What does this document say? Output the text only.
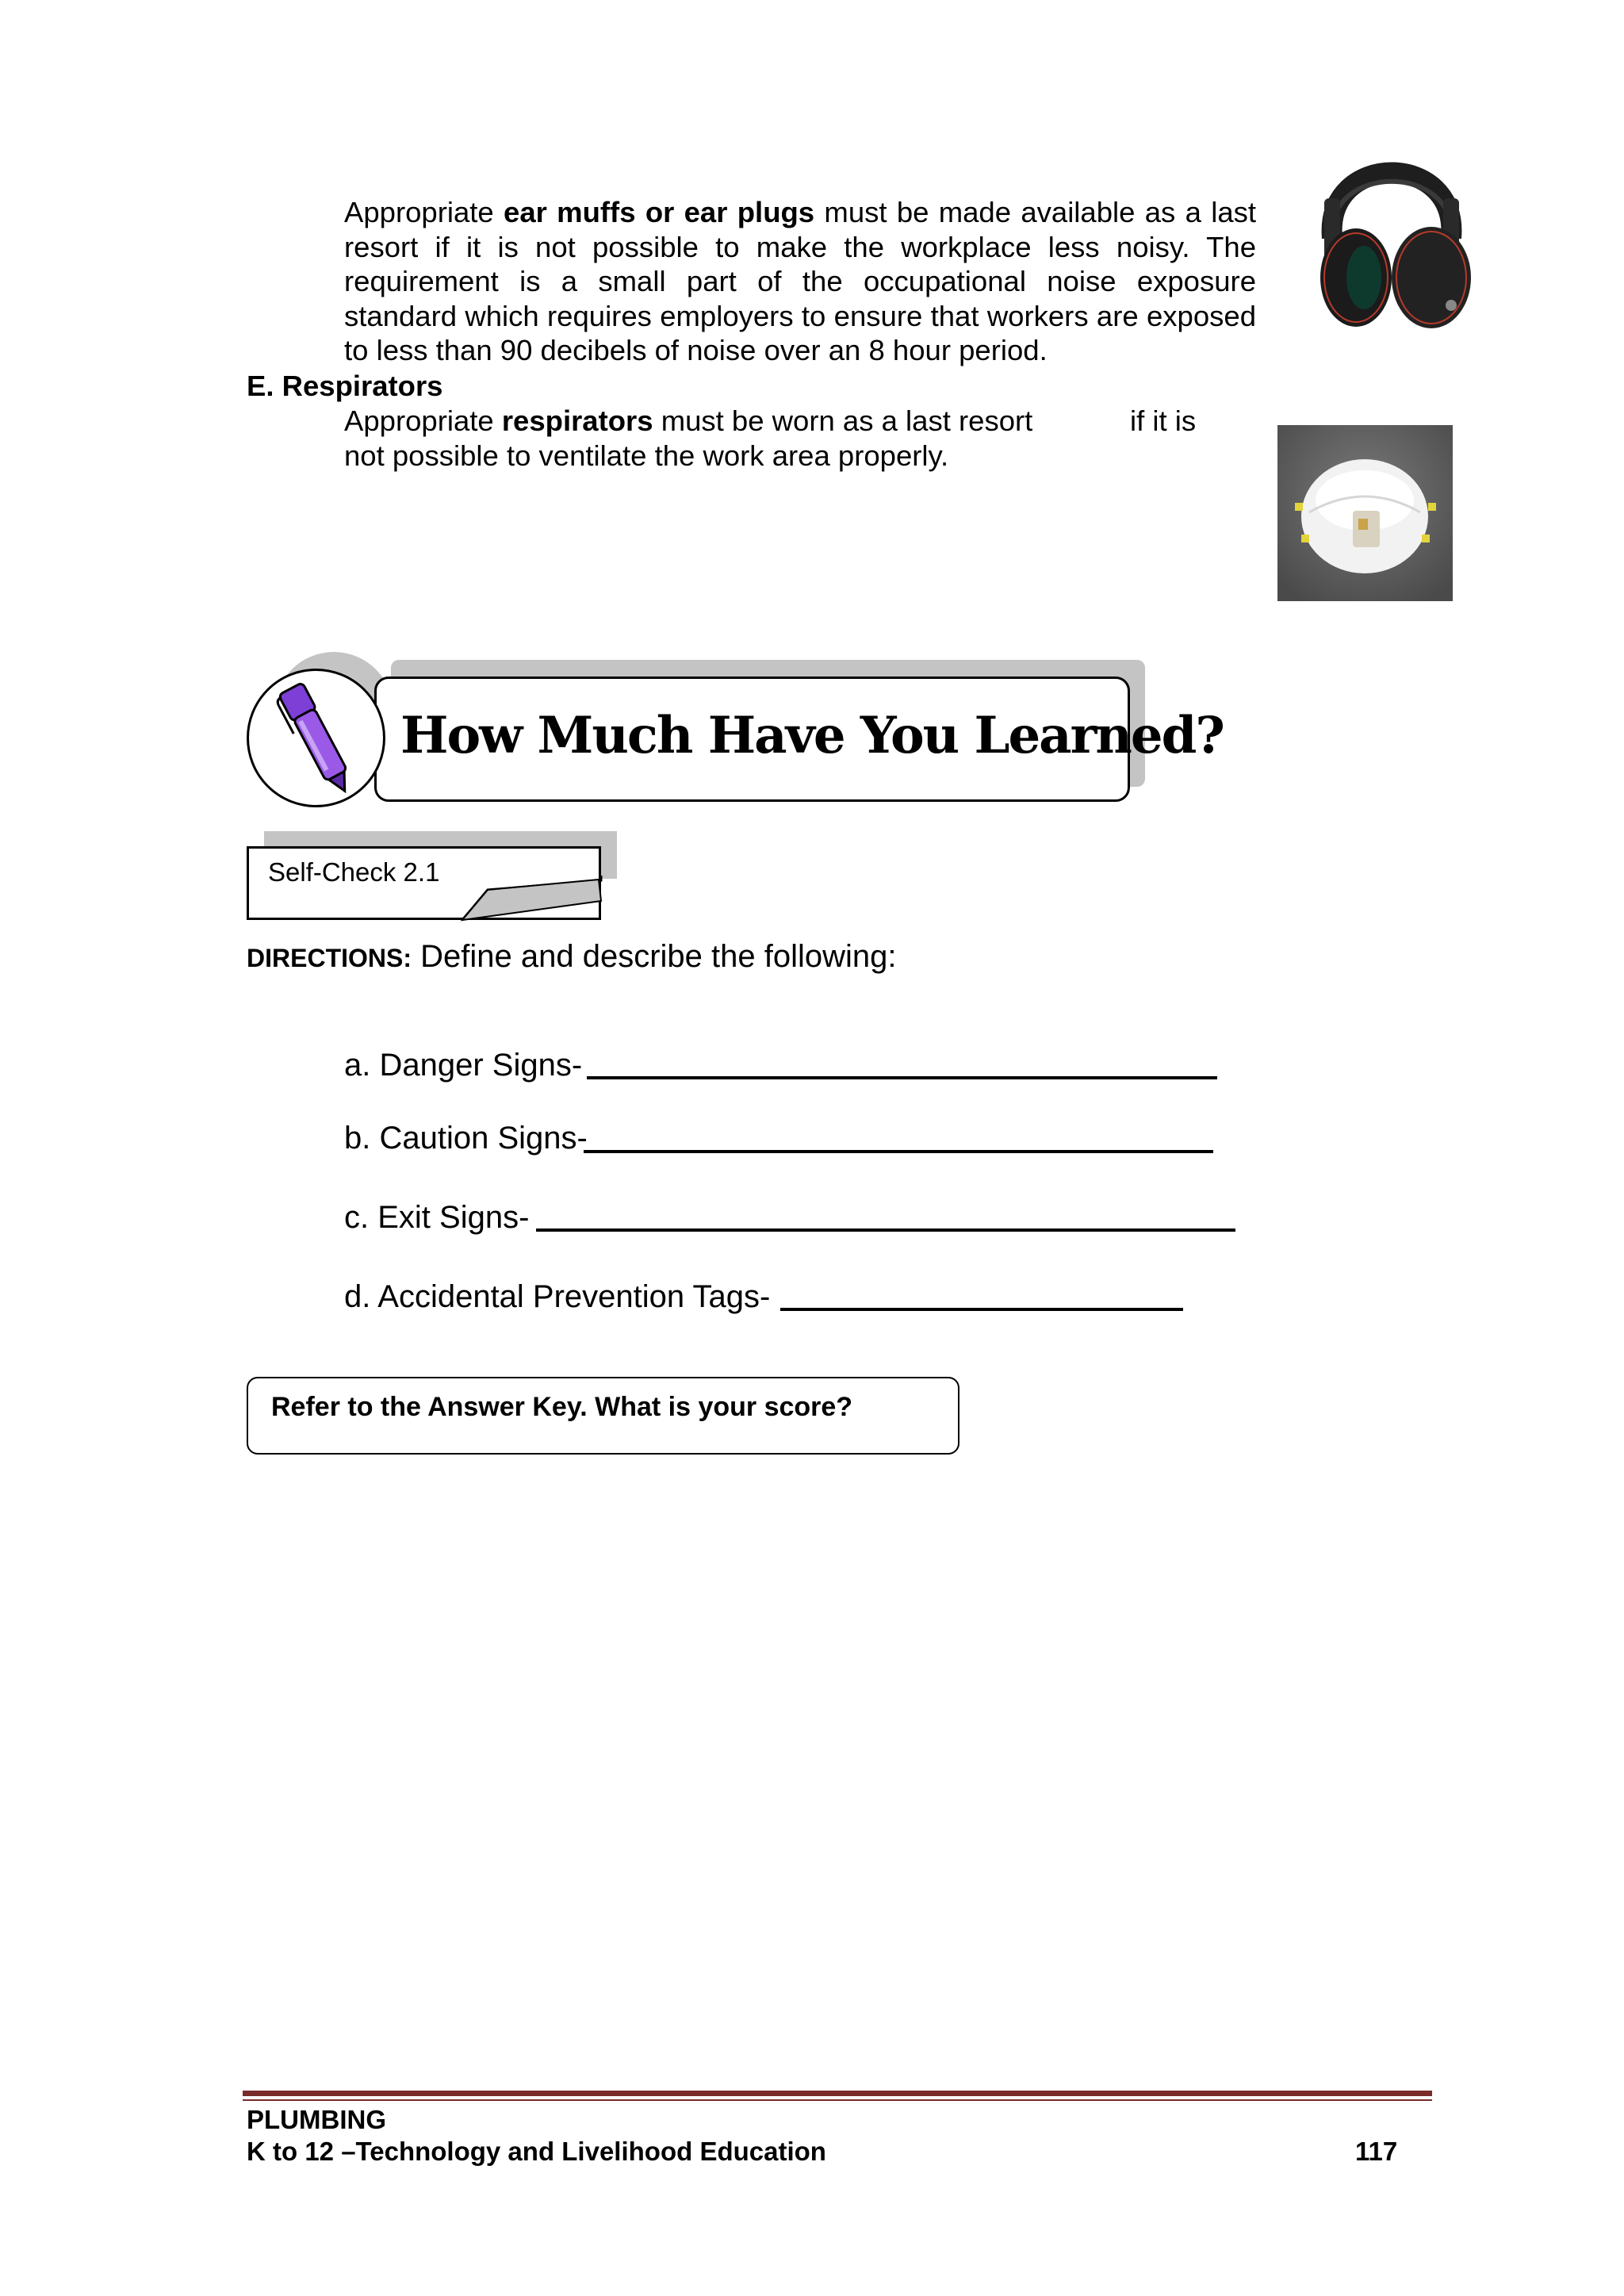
Appropriate ear muffs or ear plugs must be made available as a last resort if it is not possible to make the workplace less noisy. The requirement is a small part of the occupational noise exposure standard which requires employers to ensure that workers are exposed to less than 90 decibels of noise over an 8 hour period.
E. Respirators
Appropriate respirators must be worn as a last resort	if it is
not possible to ventilate the work area properly.
How Much Have You Learned?
Self-Check 2.1
DIRECTIONS: Define and describe the following:
a. Danger Signs-
b. Caution Signs-
c. Exit Signs-
d. Accidental Prevention Tags-
Refer to the Answer Key. What is your score?
PLUMBING
K to 12 –Technology and Livelihood Education	117
